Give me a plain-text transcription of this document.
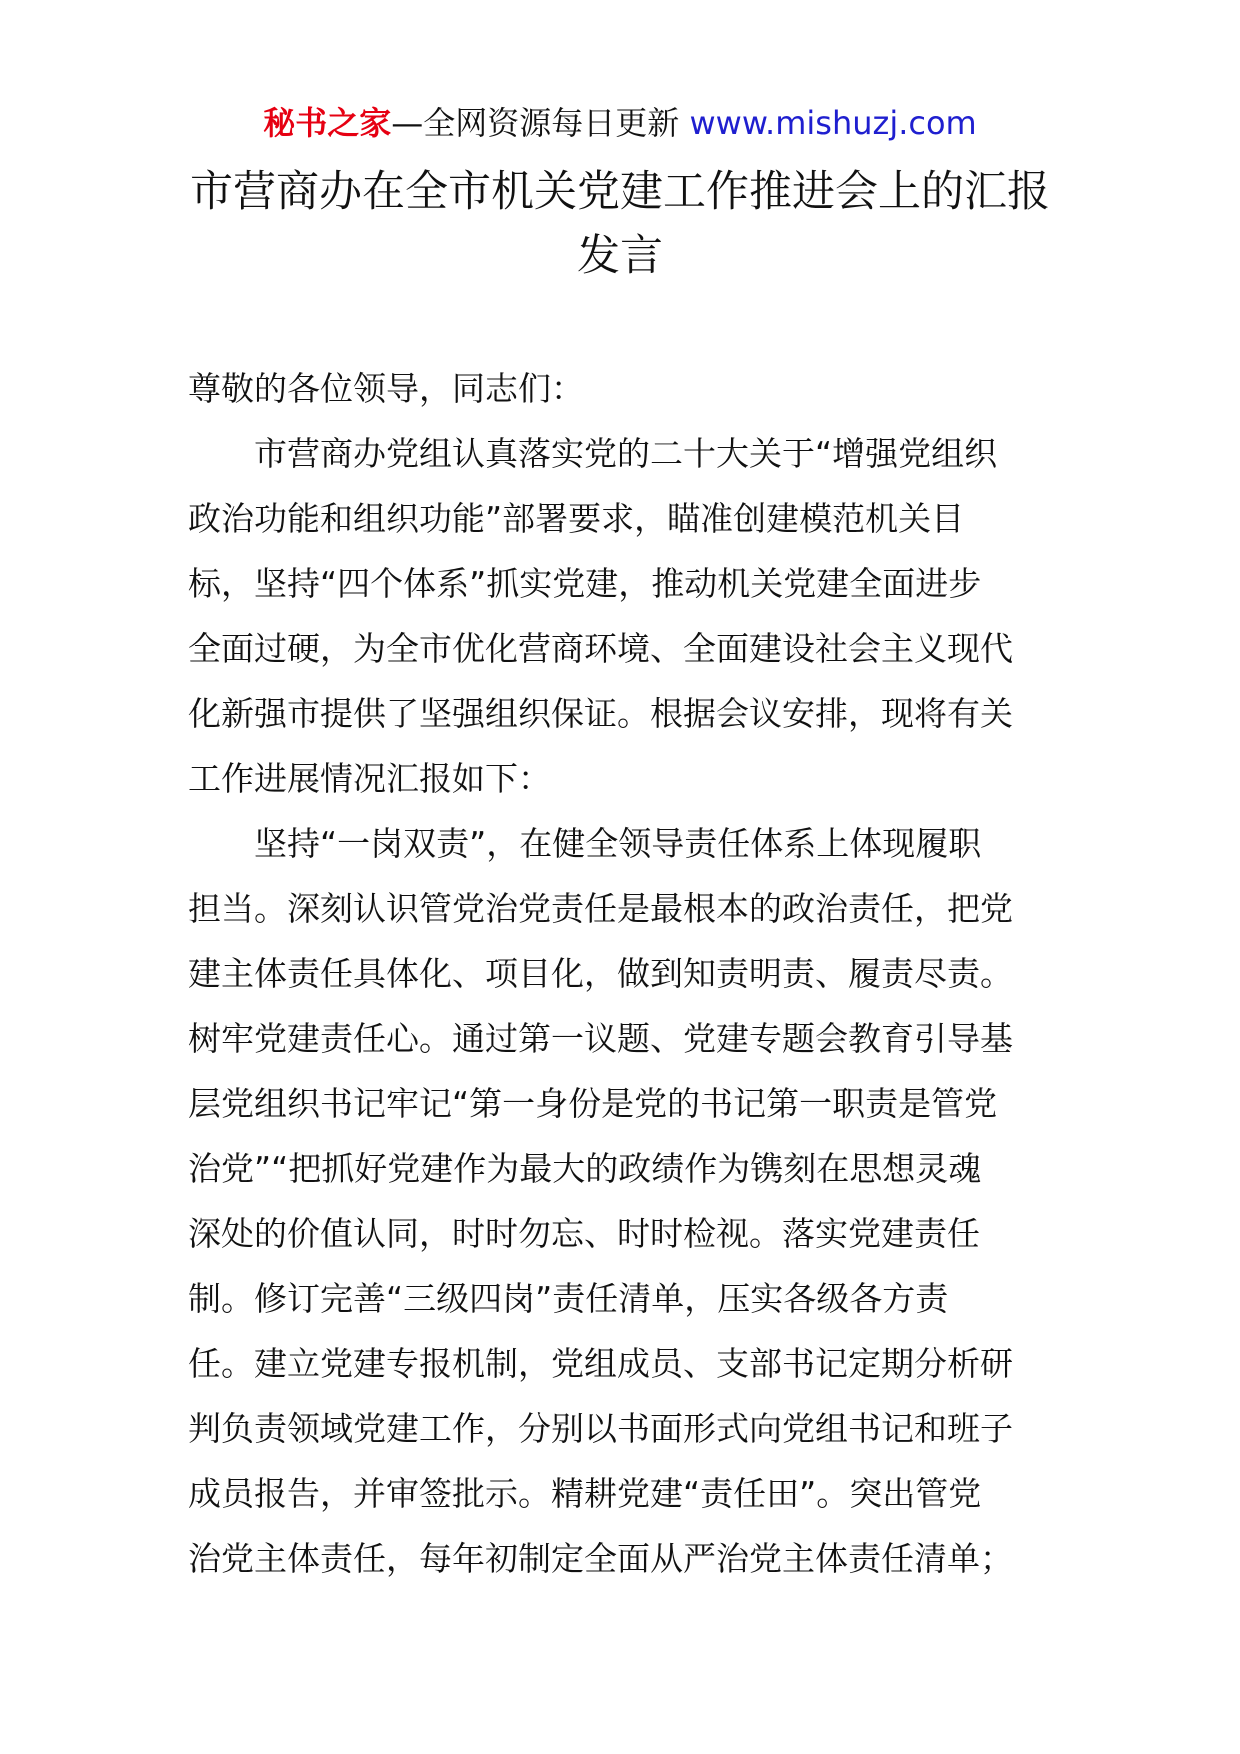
秘书之家—全网资源每日更新 www.mishuzj.com
市营商办在全市机关党建工作推进会上的汇报
发言
尊敬的各位领导，同志们：
市营商办党组认真落实党的二十大关于“增强党组织
政治功能和组织功能”部署要求，瞄准创建模范机关目
标，坚持“四个体系”抓实党建，推动机关党建全面进步
全面过硬，为全市优化营商环境、全面建设社会主义现代
化新强市提供了坚强组织保证。根据会议安排，现将有关
工作进展情况汇报如下：
坚持“一岗双责”，在健全领导责任体系上体现履职
担当。深刻认识管党治党责任是最根本的政治责任，把党
建主体责任具体化、项目化，做到知责明责、履责尽责。
树牢党建责任心。通过第一议题、党建专题会教育引导基
层党组织书记牢记“第一身份是党的书记第一职责是管党
治党”“把抓好党建作为最大的政绩作为镌刻在思想灵魂
深处的价值认同，时时勿忘、时时检视。落实党建责任
制。修订完善“三级四岗”责任清单，压实各级各方责
任。建立党建专报机制，党组成员、支部书记定期分析研
判负责领域党建工作，分别以书面形式向党组书记和班子
成员报告，并审签批示。精耕党建“责任田”。突出管党
治党主体责任，每年初制定全面从严治党主体责任清单；
